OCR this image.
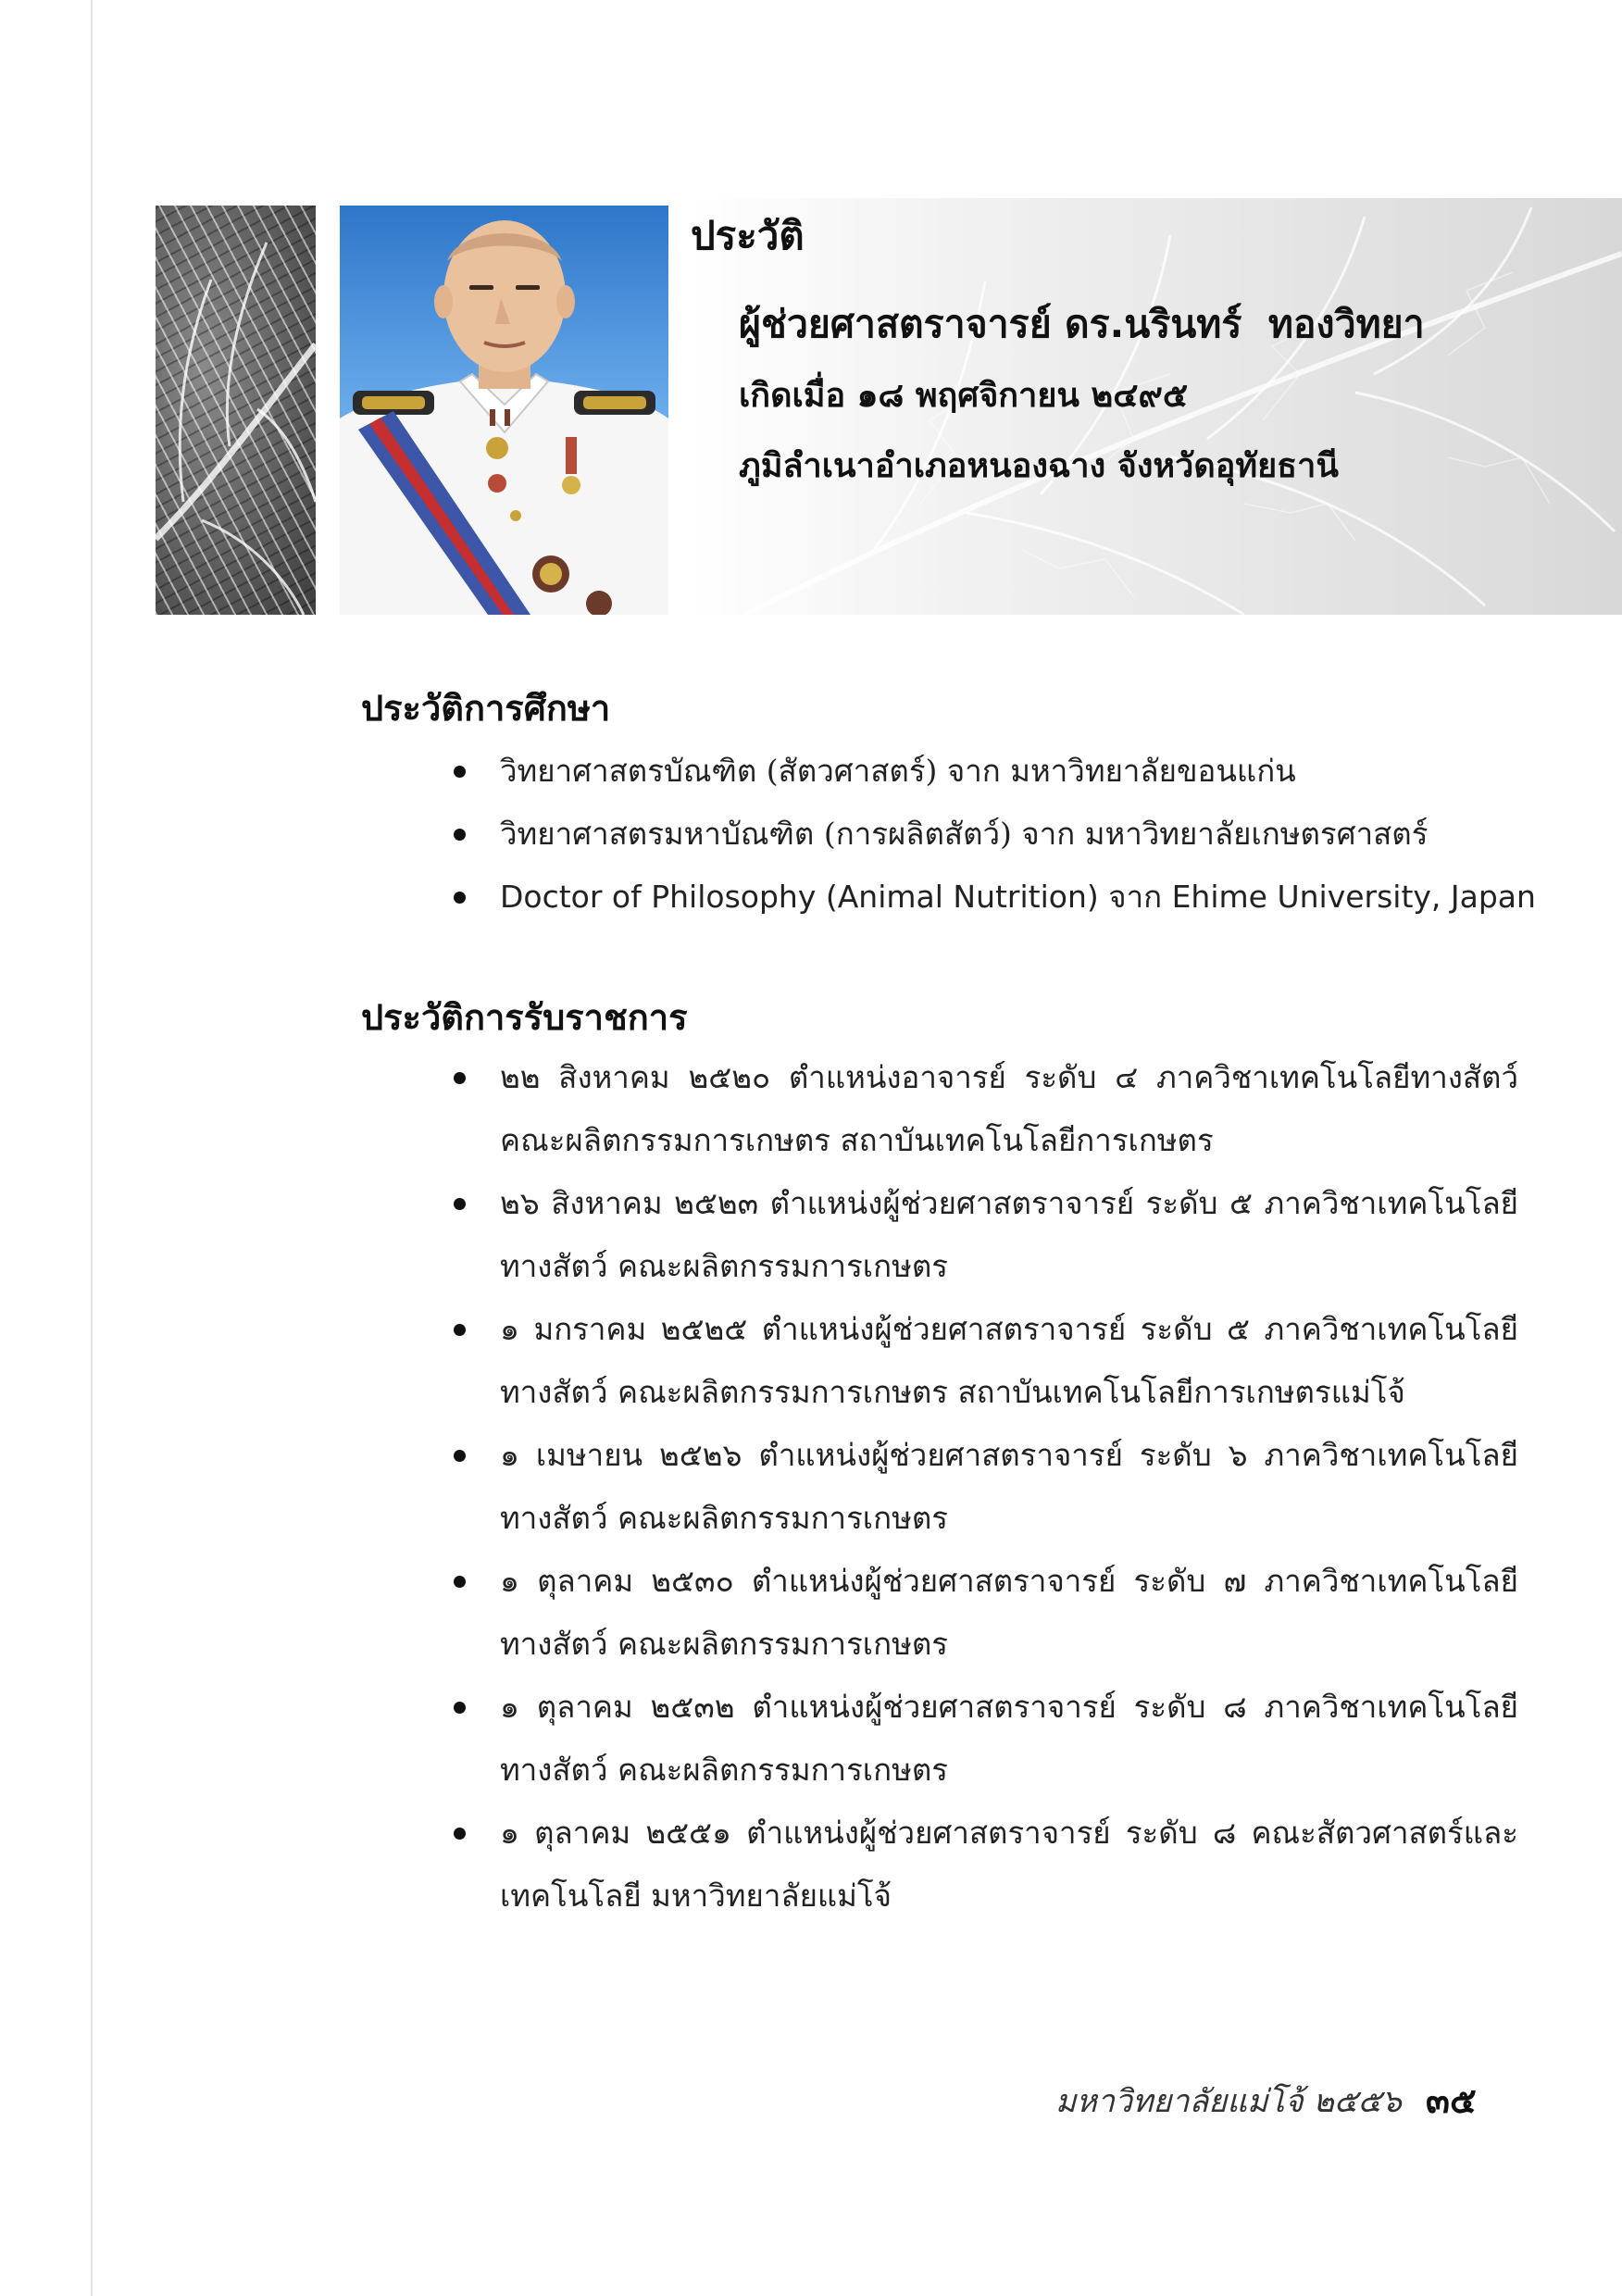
ประวัติ
ผู้ช่วยศาสตราจารย์ ดร.นรินทร์  ทองวิทยา
เกิดเมื่อ ๑๘ พฤศจิกายน ๒๔๙๕
ภูมิลำเนาอำเภอหนองฉาง จังหวัดอุทัยธานี
ประวัติการศึกษา
วิทยาศาสตรบัณฑิต (สัตวศาสตร์) จาก มหาวิทยาลัยขอนแก่น
วิทยาศาสตรมหาบัณฑิต (การผลิตสัตว์) จาก มหาวิทยาลัยเกษตรศาสตร์
Doctor of Philosophy (Animal Nutrition) จาก Ehime University, Japan
ประวัติการรับราชการ
๒๒ สิงหาคม ๒๕๒๐ ตำแหน่งอาจารย์ ระดับ ๔ ภาควิชาเทคโนโลยีทางสัตว์ คณะผลิตกรรมการเกษตร สถาบันเทคโนโลยีการเกษตร
๒๖ สิงหาคม ๒๕๒๓ ตำแหน่งผู้ช่วยศาสตราจารย์ ระดับ ๕ ภาควิชาเทคโนโลยีทางสัตว์ คณะผลิตกรรมการเกษตร
๑ มกราคม ๒๕๒๕ ตำแหน่งผู้ช่วยศาสตราจารย์ ระดับ ๕ ภาควิชาเทคโนโลยีทางสัตว์ คณะผลิตกรรมการเกษตร สถาบันเทคโนโลยีการเกษตรแม่โจ้
๑ เมษายน ๒๕๒๖ ตำแหน่งผู้ช่วยศาสตราจารย์ ระดับ ๖ ภาควิชาเทคโนโลยีทางสัตว์ คณะผลิตกรรมการเกษตร
๑ ตุลาคม ๒๕๓๐ ตำแหน่งผู้ช่วยศาสตราจารย์ ระดับ ๗ ภาควิชาเทคโนโลยีทางสัตว์ คณะผลิตกรรมการเกษตร
๑ ตุลาคม ๒๕๓๒ ตำแหน่งผู้ช่วยศาสตราจารย์ ระดับ ๘ ภาควิชาเทคโนโลยีทางสัตว์ คณะผลิตกรรมการเกษตร
๑ ตุลาคม ๒๕๕๑ ตำแหน่งผู้ช่วยศาสตราจารย์ ระดับ ๘ คณะสัตวศาสตร์และเทคโนโลยี มหาวิทยาลัยแม่โจ้
มหาวิทยาลัยแม่โจ้ ๒๕๕๖ ๓๕
